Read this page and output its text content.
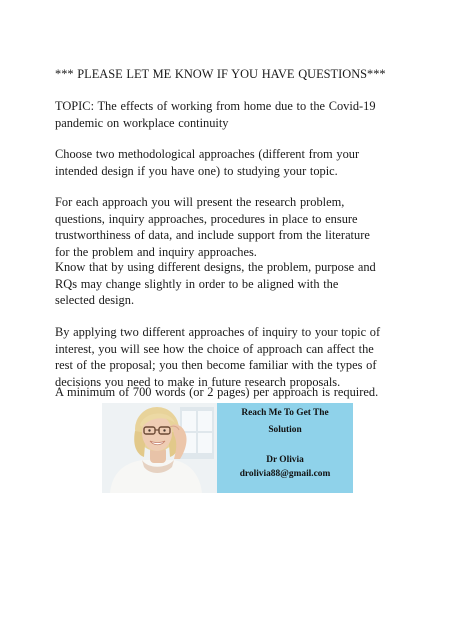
*** PLEASE LET ME KNOW IF YOU HAVE QUESTIONS***
TOPIC: The effects of working from home due to the Covid-19
pandemic on workplace continuity
Choose two methodological approaches (different from your
intended design if you have one) to studying your topic.
For each approach you will present the research problem,
questions, inquiry approaches, procedures in place to ensure
trustworthiness of data, and include support from the literature
for the problem and inquiry approaches.
Know that by using different designs, the problem, purpose and
RQs may change slightly in order to be aligned with the
selected design.
By applying two different approaches of inquiry to your topic of
interest, you will see how the choice of approach can affect the
rest of the proposal; you then become familiar with the types of
decisions you need to make in future research proposals.
A minimum of 700 words (or 2 pages) per approach is required.
Reach Me To Get The
Solution
Dr Olivia
drolivia88@gmail.com
